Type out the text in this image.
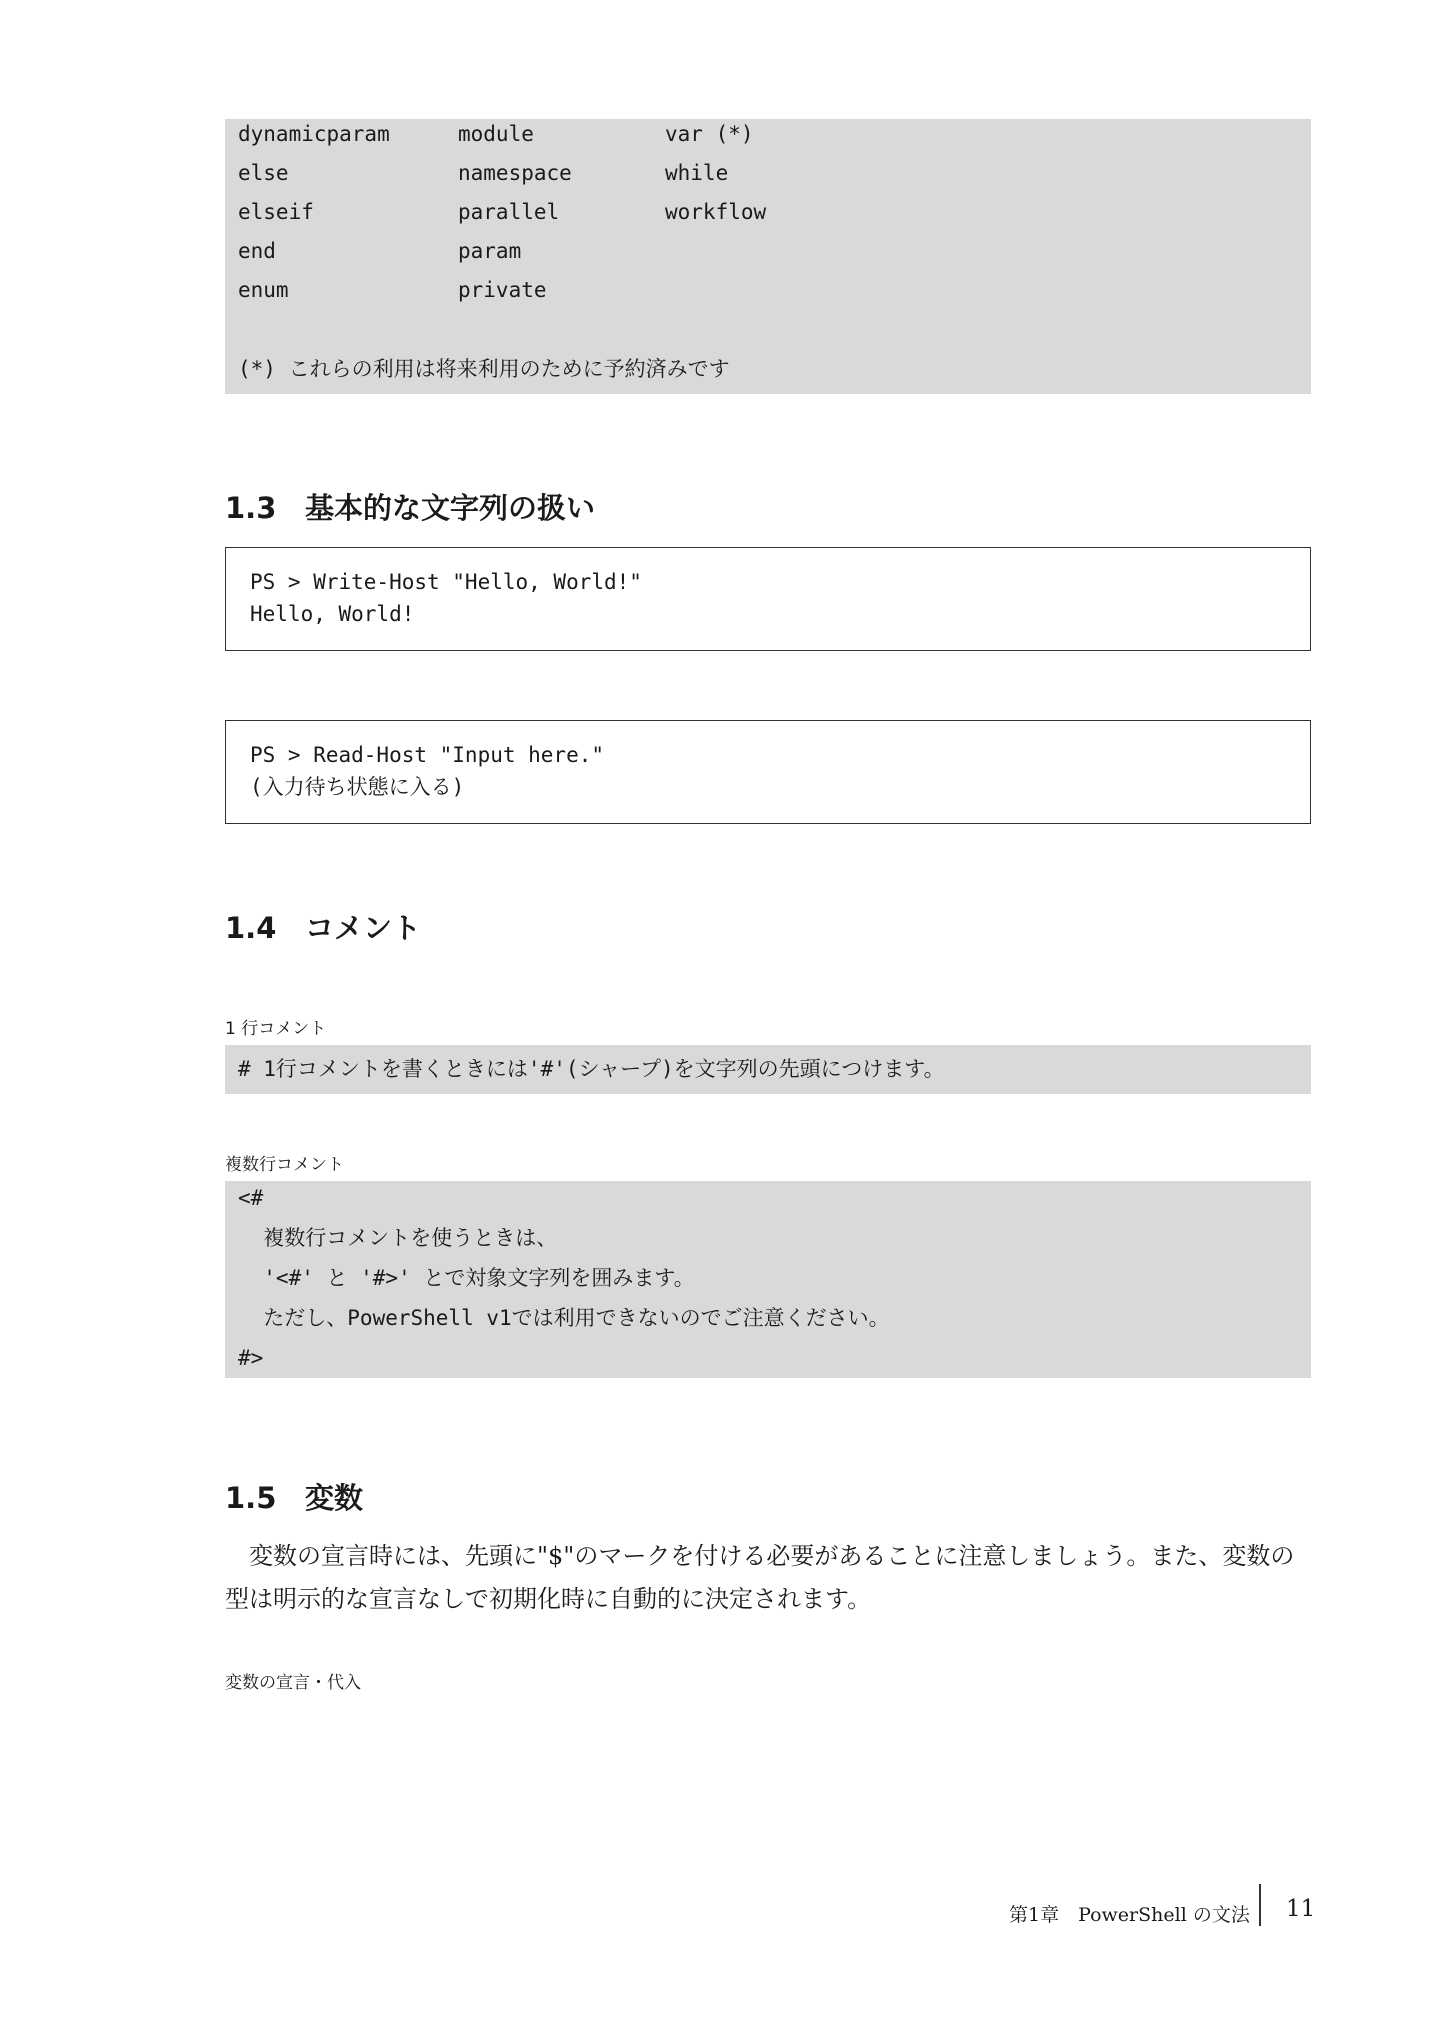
dynamicparam
else
elseif
end
enum
module
namespace
parallel
param
private
var (*)
while
workflow
(*) これらの利用は将来利用のために予約済みです
1.3 基本的な文字列の扱い
PS > Write-Host "Hello, World!"
Hello, World!
PS > Read-Host "Input here."
(入力待ち状態に入る)
1.4 コメント
1 行コメント
# 1行コメントを書くときには'#'(シャープ)を文字列の先頭につけます。
複数行コメント
<#
複数行コメントを使うときは、
'<#' と '#>' とで対象文字列を囲みます。
ただし、PowerShell v1では利用できないのでご注意ください。
#>
1.5 変数
変数の宣言時には、先頭に"$"のマークを付ける必要があることに注意しましょう。また、変数の型は明示的な宣言なしで初期化時に自動的に決定されます。
変数の宣言・代入
第1章　PowerShell の文法 11
